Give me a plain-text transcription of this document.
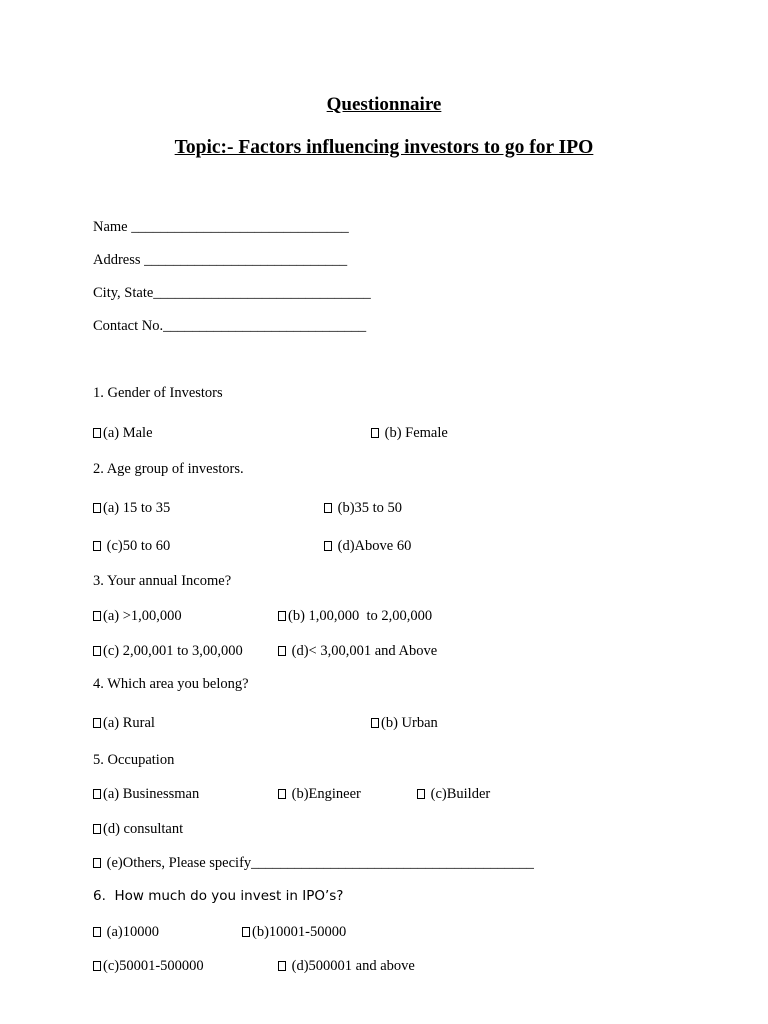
Questionnaire
Topic:- Factors influencing investors to go for IPO
Name ______________________________
Address ____________________________
City, State______________________________
Contact No.____________________________
1. Gender of Investors
(a) Male	(b) Female
2. Age group of investors.
(a) 15 to 35	(b)35 to 50
(c)50 to 60	(d)Above 60
3. Your annual Income?
(a) >1,00,000	(b) 1,00,000  to 2,00,000
(c) 2,00,001 to 3,00,000	(d)< 3,00,001 and Above
4. Which area you belong?
(a) Rural	(b) Urban
5. Occupation
(a) Businessman	(b)Engineer	(c)Builder
(d) consultant
(e)Others, Please specify_______________________________________
6.  How much do you invest in IPO’s?
(a)10000	(b)10001-50000
(c)50001-500000	(d)500001 and above
